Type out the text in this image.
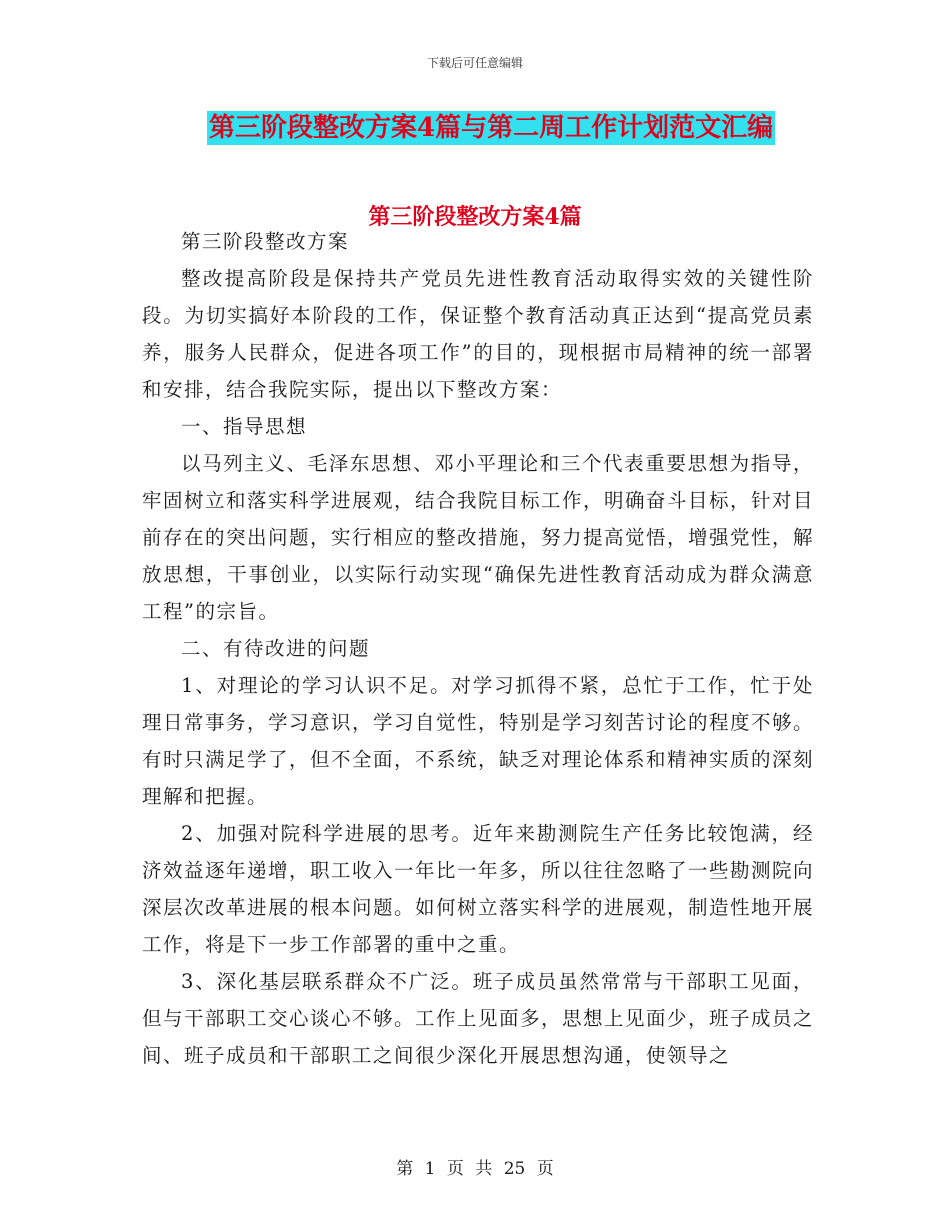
下载后可任意编辑
第三阶段整改方案4篇与第二周工作计划范文汇编
第三阶段整改方案4篇

第三阶段整改方案

整改提高阶段是保持共产党员先进性教育活动取得实效的关键性阶段。为切实搞好本阶段的工作，保证整个教育活动真正达到“提高党员素养，服务人民群众，促进各项工作”的目的，现根据市局精神的统一部署和安排，结合我院实际，提出以下整改方案：

一、指导思想

以马列主义、毛泽东思想、邓小平理论和三个代表重要思想为指导，牢固树立和落实科学进展观，结合我院目标工作，明确奋斗目标，针对目前存在的突出问题，实行相应的整改措施，努力提高觉悟，增强党性，解放思想，干事创业，以实际行动实现“确保先进性教育活动成为群众满意工程”的宗旨。

二、有待改进的问题

1、对理论的学习认识不足。对学习抓得不紧，总忙于工作，忙于处理日常事务，学习意识，学习自觉性，特别是学习刻苦讨论的程度不够。有时只满足学了，但不全面，不系统，缺乏对理论体系和精神实质的深刻理解和把握。

2、加强对院科学进展的思考。近年来勘测院生产任务比较饱满，经济效益逐年递增，职工收入一年比一年多，所以往往忽略了一些勘测院向深层次改革进展的根本问题。如何树立落实科学的进展观，制造性地开展工作，将是下一步工作部署的重中之重。

3、深化基层联系群众不广泛。班子成员虽然常常与干部职工见面，但与干部职工交心谈心不够。工作上见面多，思想上见面少，班子成员之间、班子成员和干部职工之间很少深化开展思想沟通，使领导之

第 1 页 共 25 页
